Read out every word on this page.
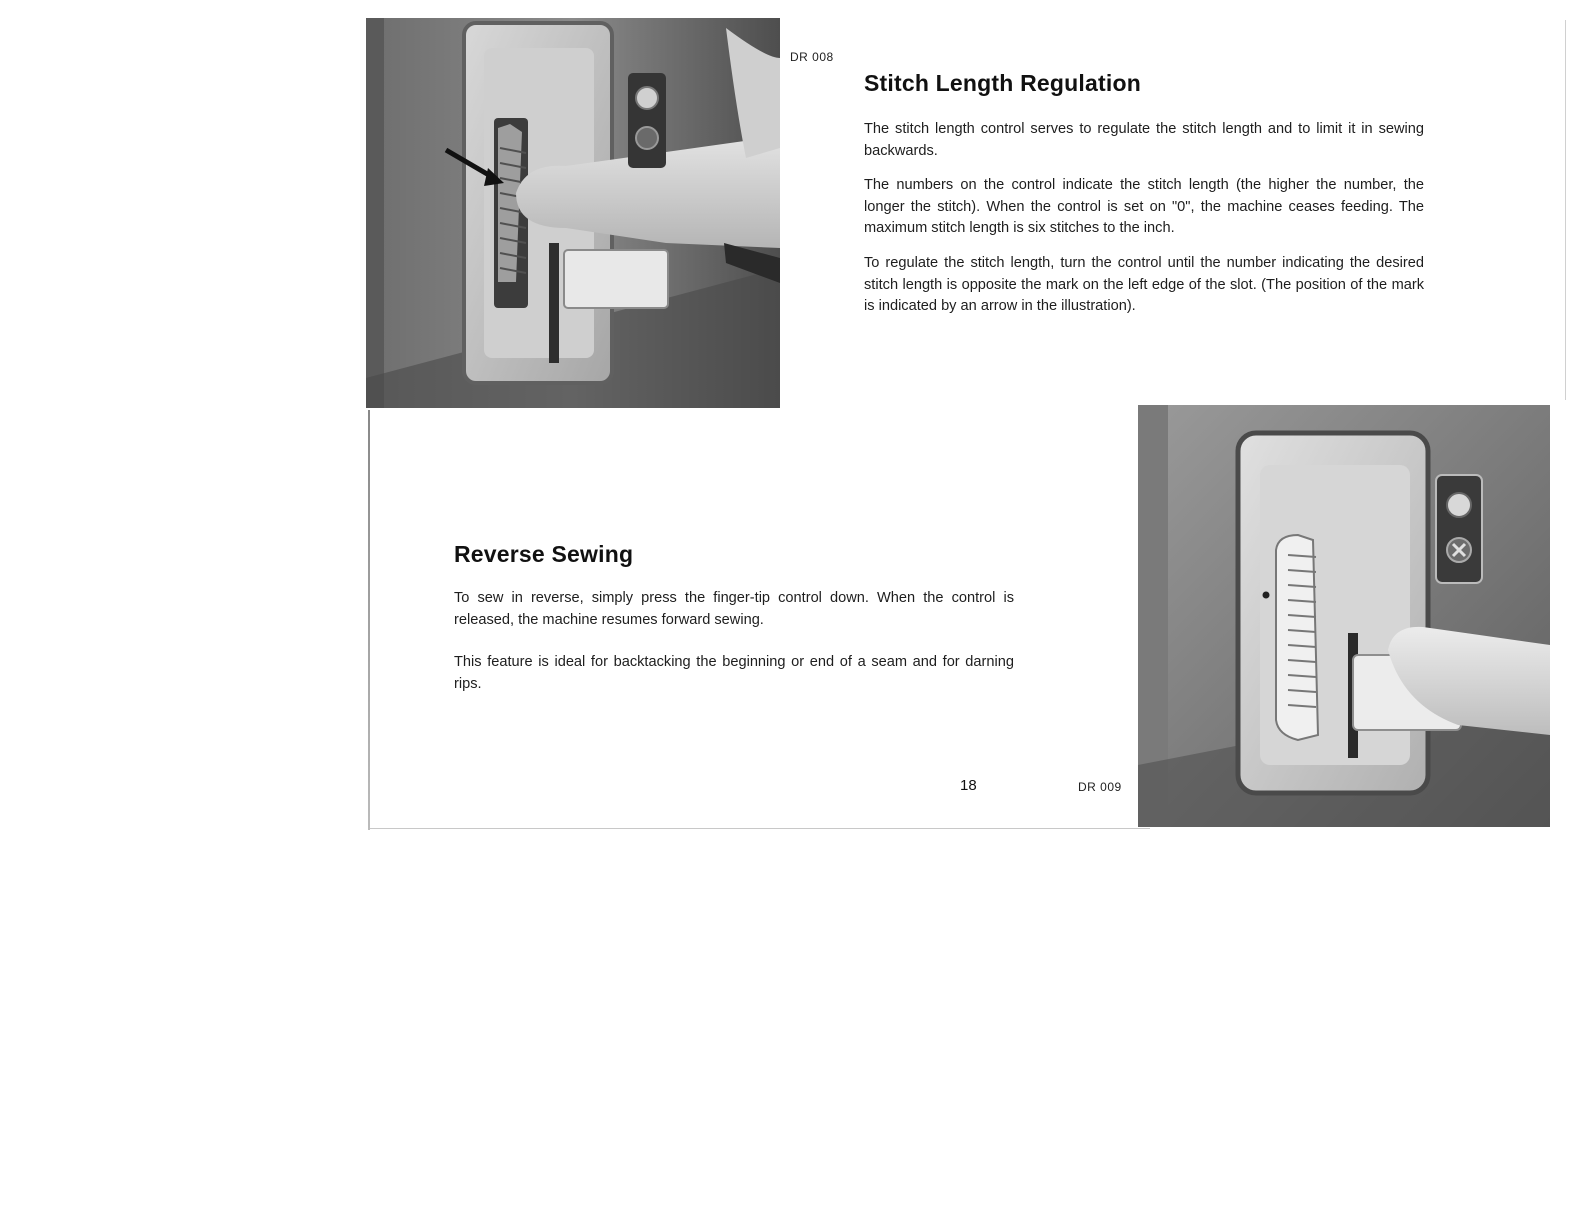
DR 008
Stitch Length Regulation

The stitch length control serves to regulate the stitch length and to limit it in sewing backwards.

The numbers on the control indicate the stitch length (the higher the number, the longer the stitch). When the control is set on "0", the machine ceases feeding. The maximum stitch length is six stitches to the inch.

To regulate the stitch length, turn the control until the number indicating the desired stitch length is opposite the mark on the left edge of the slot. (The position of the mark is indicated by an arrow in the illustration).

Reverse Sewing

To sew in reverse, simply press the finger-tip control down. When the control is released, the machine resumes forward sewing.

This feature is ideal for backtacking the beginning or end of a seam and for darning rips.

18	DR 009
